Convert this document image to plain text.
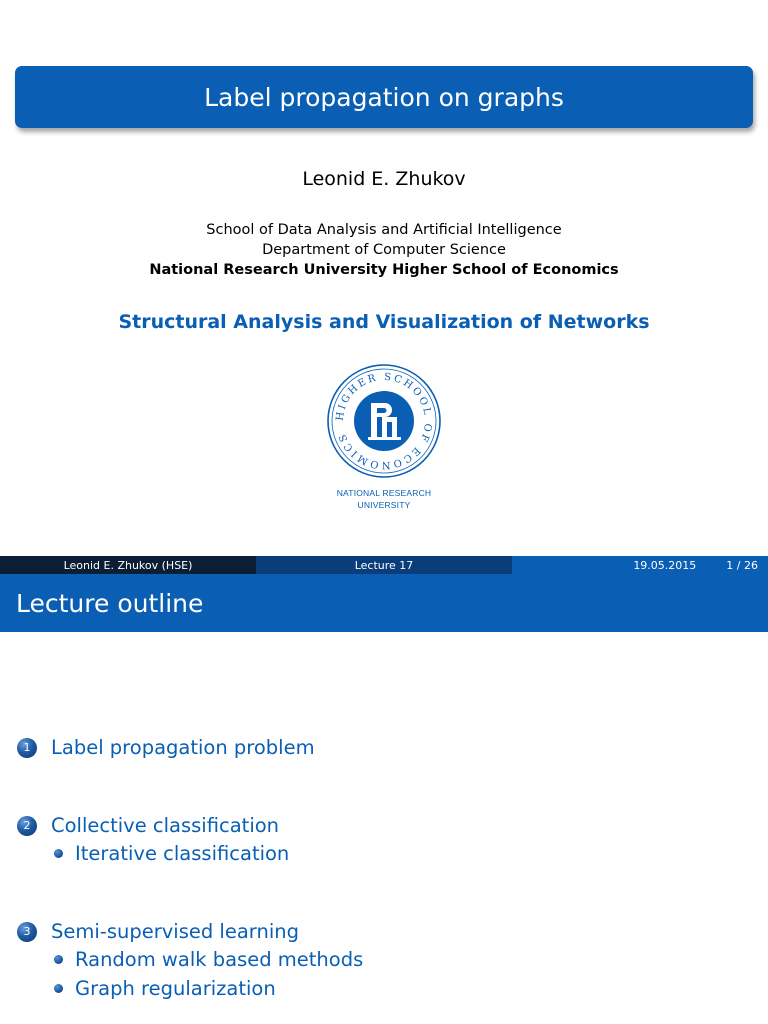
Label propagation on graphs
Leonid E. Zhukov
School of Data Analysis and Artificial Intelligence
Department of Computer Science
National Research University Higher School of Economics
Structural Analysis and Visualization of Networks
HIGHER SCHOOL OF ECONOMICS
NATIONAL RESEARCH
UNIVERSITY
Leonid E. Zhukov (HSE)	Lecture 17	19.05.2015	1 / 26
Lecture outline
1	Label propagation problem
2	Collective classification
Iterative classification
3	Semi-supervised learning
Random walk based methods
Graph regularization
